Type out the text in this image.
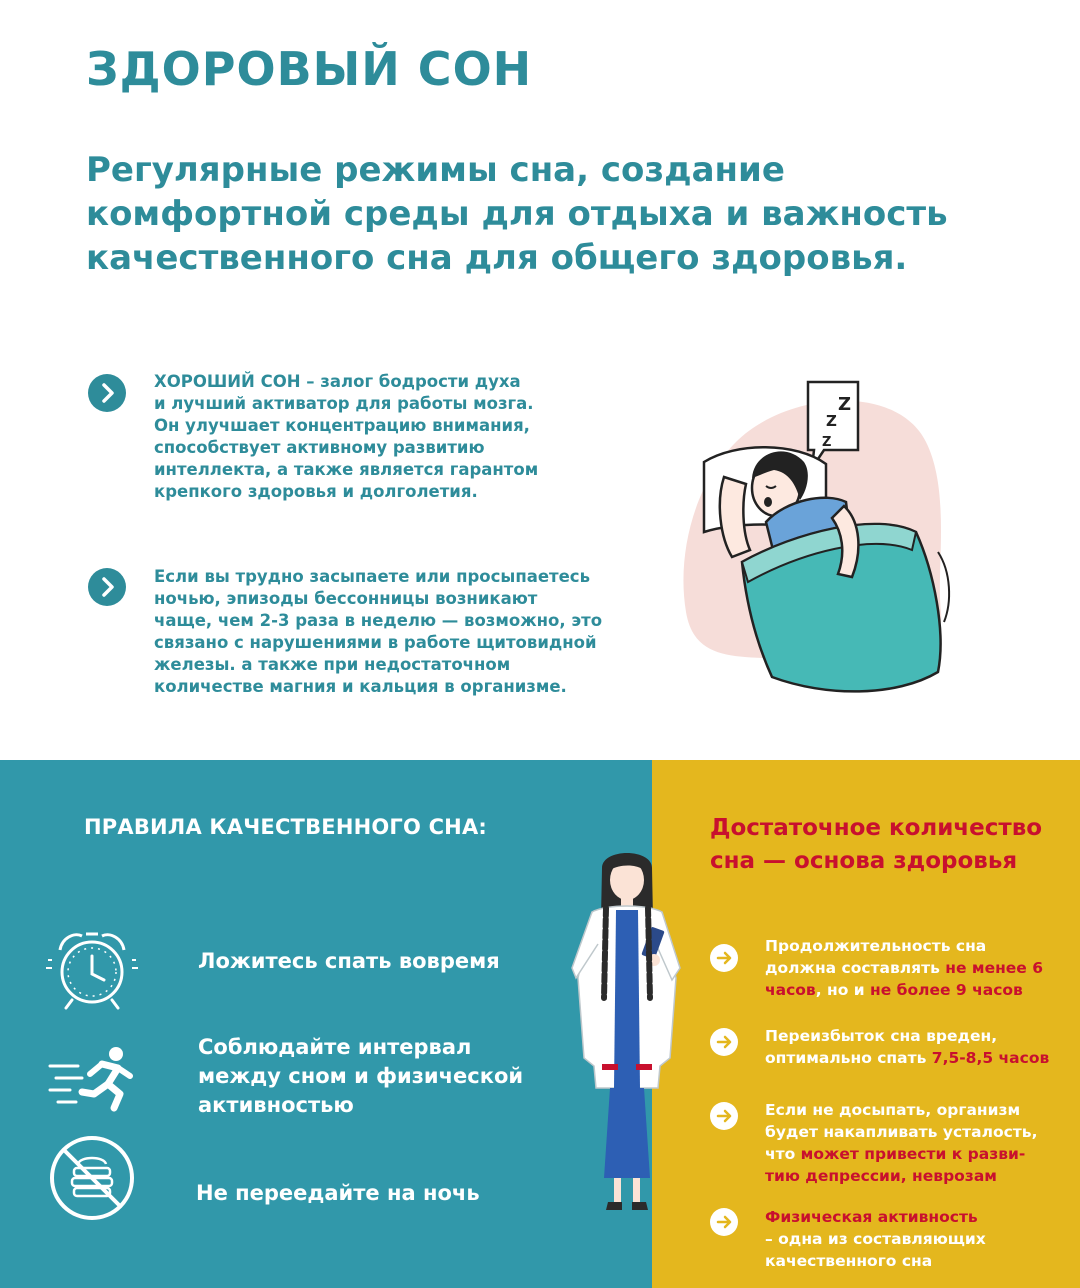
ЗДОРОВЫЙ СОН
Регулярные режимы сна, создание
комфортной среды для отдыха и важность
качественного сна для общего здоровья.
ХОРОШИЙ СОН – залог бодрости духа
и лучший активатор для работы мозга.
Он улучшает концентрацию внимания,
способствует активному развитию
интеллекта, а также является гарантом
крепкого здоровья и долголетия.
Если вы трудно засыпаете или просыпаетесь
ночью, эпизоды бессонницы возникают
чаще, чем 2-3 раза в неделю — возможно, это
связано с нарушениями в работе щитовидной
железы. а также при недостаточном
количестве магния и кальция в организме.
Z
Z
Z
ПРАВИЛА КАЧЕСТВЕННОГО СНА:
Ложитесь спать вовремя
Соблюдайте интервал
между сном и физической
активностью
Не переедайте на ночь
Достаточное количество
сна — основа здоровья
Продолжительность сна
должна составлять не менее 6
часов, но и не более 9 часов
Переизбыток сна вреден,
оптимально спать 7,5-8,5 часов
Если не досыпать, организм
будет накапливать усталость,
что может привести к разви-
тию депрессии, неврозам
Физическая активность
– одна из составляющих
качественного сна
